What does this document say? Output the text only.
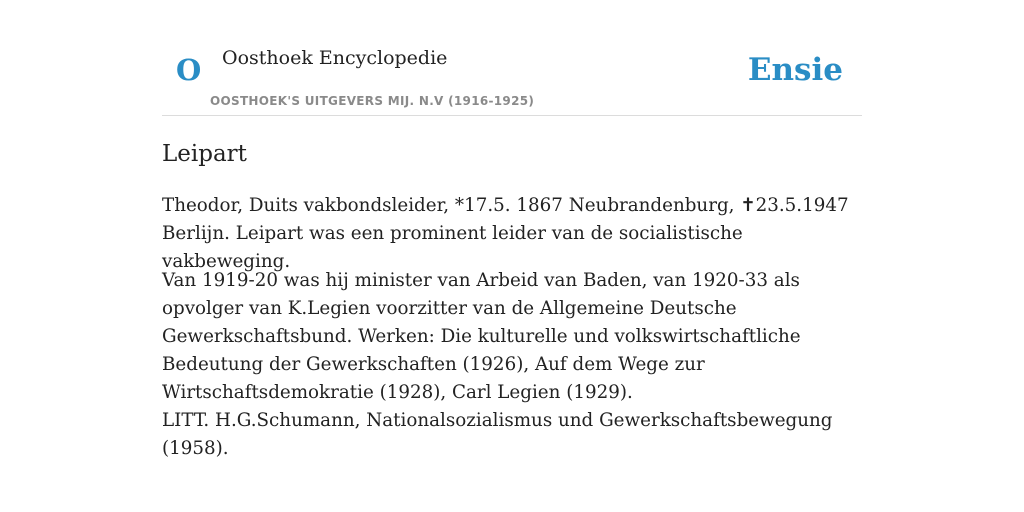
O Oosthoek Encyclopedie
OOSTHOEK'S UITGEVERS MIJ. N.V (1916-1925)
Ensie
Leipart

Theodor, Duits vakbondsleider, *17.5. 1867 Neubrandenburg, ✝23.5.1947 Berlijn. Leipart was een prominent leider van de socialistische vakbeweging.

Van 1919-20 was hij minister van Arbeid van Baden, van 1920-33 als opvolger van K.Legien voorzitter van de Allgemeine Deutsche Gewerkschaftsbund. Werken: Die kulturelle und volkswirtschaftliche Bedeutung der Gewerkschaften (1926), Auf dem Wege zur Wirtschaftsdemokratie (1928), Carl Legien (1929).

LITT. H.G.Schumann, Nationalsozialismus und Gewerkschaftsbewegung (1958).
